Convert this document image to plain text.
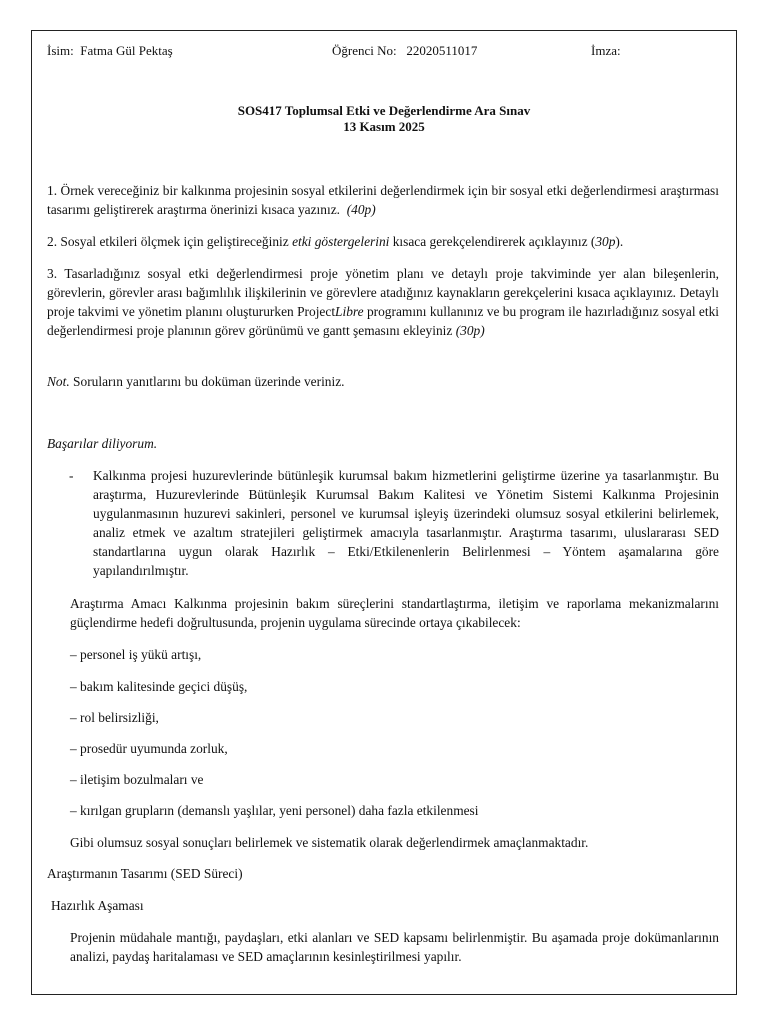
İsim: Fatma Gül Pektaş	Öğrenci No: 22020511017	İmza:
SOS417 Toplumsal Etki ve Değerlendirme Ara Sınav
13 Kasım 2025
1. Örnek vereceğiniz bir kalkınma projesinin sosyal etkilerini değerlendirmek için bir sosyal etki değerlendirmesi araştırması tasarımı geliştirerek araştırma önerinizi kısaca yazınız. (40p)
2. Sosyal etkileri ölçmek için geliştireceğiniz etki göstergelerini kısaca gerekçelendirerek açıklayınız (30p).
3. Tasarladığınız sosyal etki değerlendirmesi proje yönetim planı ve detaylı proje takviminde yer alan bileşenlerin, görevlerin, görevler arası bağımlılık ilişkilerinin ve görevlere atadığınız kaynakların gerekçelerini kısaca açıklayınız. Detaylı proje takvimi ve yönetim planını oluştururken ProjectLibre programını kullanınız ve bu program ile hazırladığınız sosyal etki değerlendirmesi proje planının görev görünümü ve gantt şemasını ekleyiniz (30p)
Not. Soruların yanıtlarını bu doküman üzerinde veriniz.
Başarılar diliyorum.
- Kalkınma projesi huzurevlerinde bütünleşik kurumsal bakım hizmetlerini geliştirme üzerine ya tasarlanmıştır. Bu araştırma, Huzurevlerinde Bütünleşik Kurumsal Bakım Kalitesi ve Yönetim Sistemi Kalkınma Projesinin uygulanmasının huzurevi sakinleri, personel ve kurumsal işleyiş üzerindeki olumsuz sosyal etkilerini belirlemek, analiz etmek ve azaltım stratejileri geliştirmek amacıyla tasarlanmıştır. Araştırma tasarımı, uluslararası SED standartlarına uygun olarak Hazırlık – Etki/Etkilenenlerin Belirlenmesi – Yöntem aşamalarına göre yapılandırılmıştır.
Araştırma Amacı Kalkınma projesinin bakım süreçlerini standartlaştırma, iletişim ve raporlama mekanizmalarını güçlendirme hedefi doğrultusunda, projenin uygulama sürecinde ortaya çıkabilecek:
– personel iş yükü artışı,
– bakım kalitesinde geçici düşüş,
– rol belirsizliği,
– prosedür uyumunda zorluk,
– iletişim bozulmaları ve
– kırılgan grupların (demanslı yaşlılar, yeni personel) daha fazla etkilenmesi
Gibi olumsuz sosyal sonuçları belirlemek ve sistematik olarak değerlendirmek amaçlanmaktadır.
Araştırmanın Tasarımı (SED Süreci)
Hazırlık Aşaması
Projenin müdahale mantığı, paydaşları, etki alanları ve SED kapsamı belirlenmiştir. Bu aşamada proje dokümanlarının analizi, paydaş haritalaması ve SED amaçlarının kesinleştirilmesi yapılır.
